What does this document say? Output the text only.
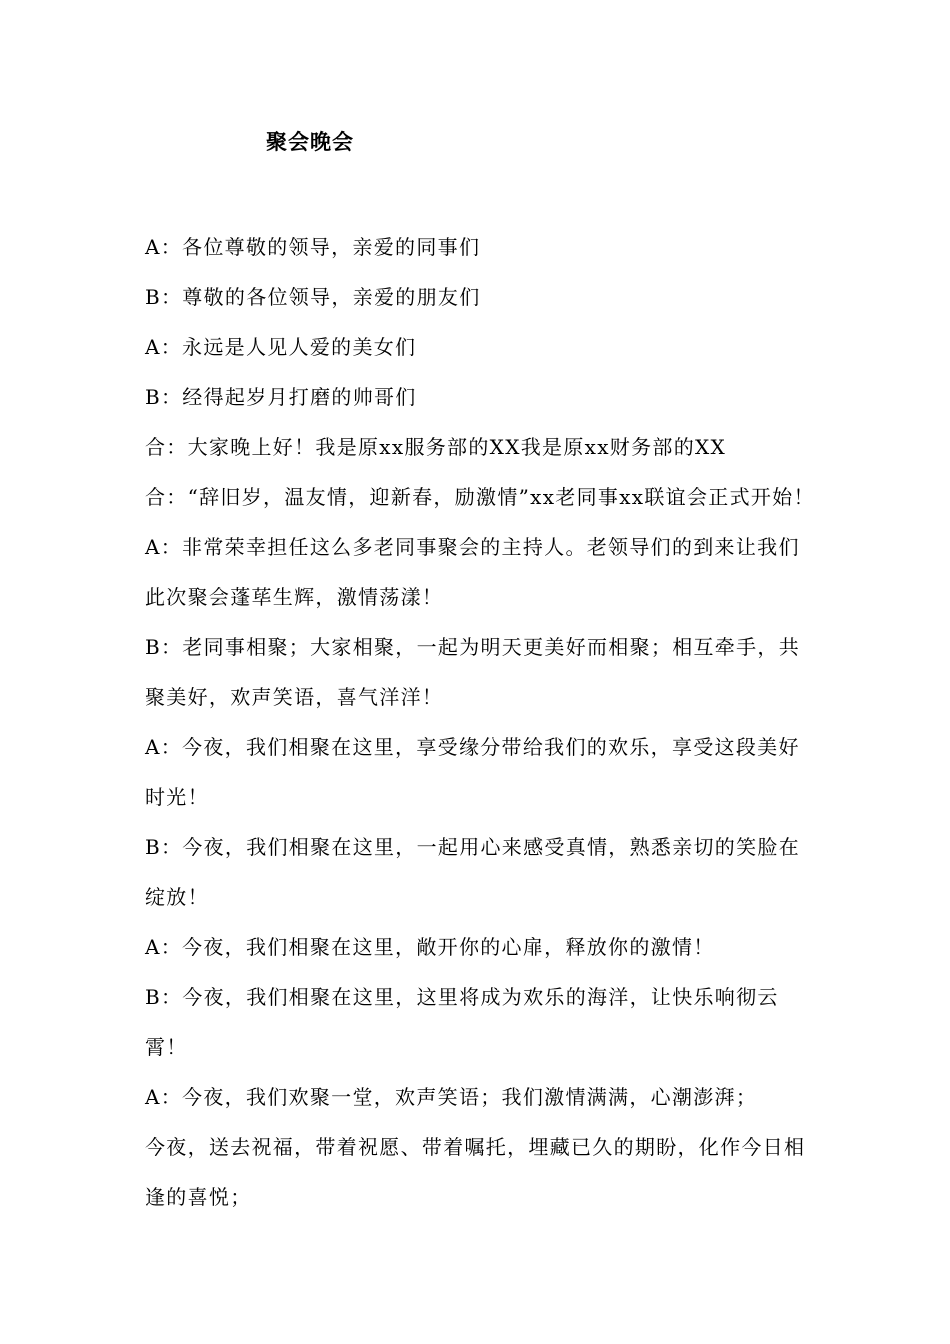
聚会晚会

A：各位尊敬的领导，亲爱的同事们

B：尊敬的各位领导，亲爱的朋友们

A：永远是人见人爱的美女们

B：经得起岁月打磨的帅哥们

合：大家晚上好！我是原xx服务部的XX我是原xx财务部的XX

合：“辞旧岁，温友情，迎新春，励激情”xx老同事xx联谊会正式开始！

A：非常荣幸担任这么多老同事聚会的主持人。老领导们的到来让我们此次聚会蓬荜生辉，激情荡漾！

B：老同事相聚；大家相聚，一起为明天更美好而相聚；相互牵手，共聚美好，欢声笑语，喜气洋洋！

A：今夜，我们相聚在这里，享受缘分带给我们的欢乐，享受这段美好时光！

B：今夜，我们相聚在这里，一起用心来感受真情，熟悉亲切的笑脸在绽放！

A：今夜，我们相聚在这里，敞开你的心扉，释放你的激情！

B：今夜，我们相聚在这里，这里将成为欢乐的海洋，让快乐响彻云霄！

A：今夜，我们欢聚一堂，欢声笑语；我们激情满满，心潮澎湃；

今夜，送去祝福，带着祝愿、带着嘱托，埋藏已久的期盼，化作今日相逢的喜悦；
